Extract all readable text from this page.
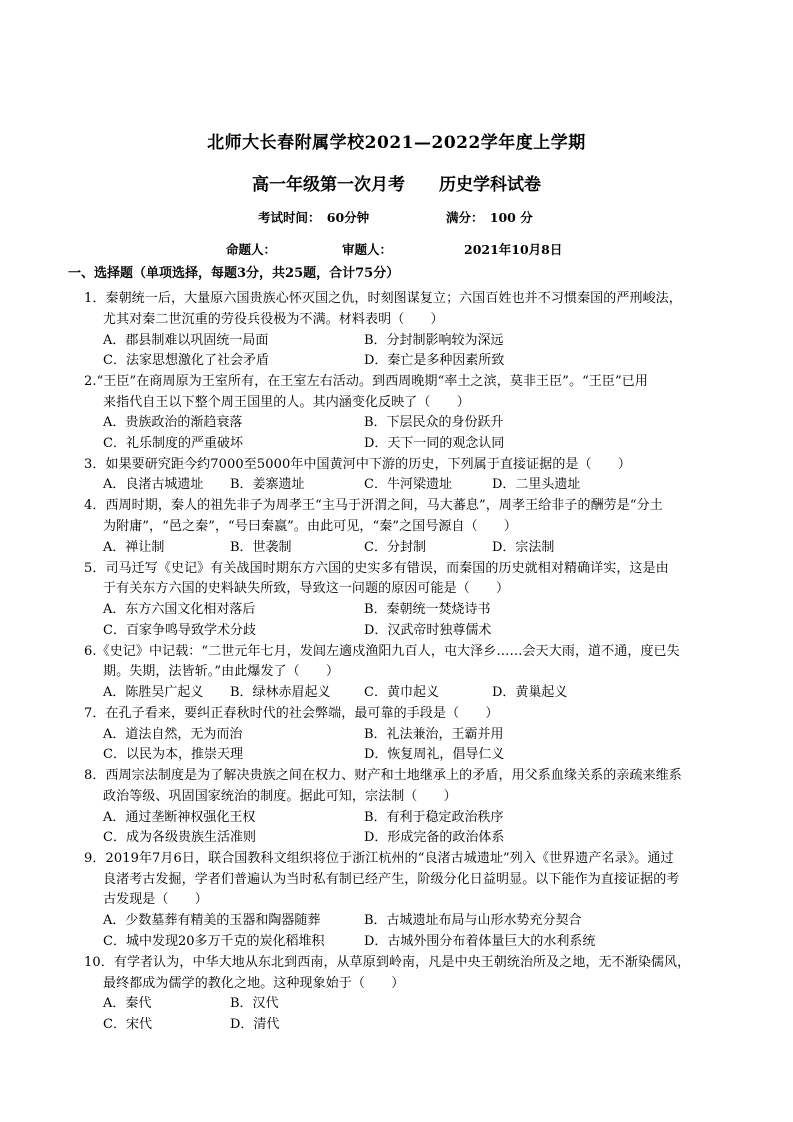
北师大长春附属学校2021—2022学年度上学期
高一年级第一次月考　　历史学科试卷
考试时间：　60分钟	满分：　100 分
命题人：	审题人：	2021年10月8日
一、选择题（单项选择，每题3分，共25题，合计75分）
1．秦朝统一后，大量原六国贵族心怀灭国之仇，时刻图谋复立；六国百姓也并不习惯秦国的严刑峻法，
尤其对秦二世沉重的劳役兵役极为不满。材料表明（　　）
A．郡县制难以巩固统一局面	B．分封制影响较为深远
C．法家思想激化了社会矛盾	D．秦亡是多种因素所致
2.“王臣”在商周原为王室所有，在王室左右活动。到西周晚期“率土之滨，莫非王臣”。“王臣”已用
来指代自王以下整个周王国里的人。其内涵变化反映了（　　）
A．贵族政治的渐趋衰落	B．下层民众的身份跃升
C．礼乐制度的严重破坏	D．天下一同的观念认同
3．如果要研究距今约7000至5000年中国黄河中下游的历史，下列属于直接证据的是（　　）
A．良渚古城遗址 B．姜寨遗址	C．牛河梁遗址	D．二里头遗址
4．西周时期，秦人的祖先非子为周孝王“主马于汧渭之间，马大蕃息”，周孝王给非子的酬劳是“分土
为附庸”，“邑之秦”，“号曰秦嬴”。由此可见，“秦”之国号源自（　　）
A．禅让制	B．世袭制	C．分封制	D．宗法制
5．司马迁写《史记》有关战国时期东方六国的史实多有错误，而秦国的历史就相对精确详实，这是由
于有关东方六国的史料缺失所致，导致这一问题的原因可能是（　　）
A．东方六国文化相对落后	B．秦朝统一焚烧诗书
C．百家争鸣导致学术分歧	D．汉武帝时独尊儒术
6.《史记》中记载：“二世元年七月，发闾左適戍渔阳九百人，屯大泽乡……会天大雨，道不通，度已失
期。失期，法皆斩。”由此爆发了（　　）
A．陈胜吴广起义 B．绿林赤眉起义	C．黄巾起义	D．黄巢起义
7．在孔子看来，要纠正春秋时代的社会弊端，最可靠的手段是（　　）
A．道法自然，无为而治	B．礼法兼治，王霸并用
C．以民为本，推崇天理	D．恢复周礼，倡导仁义
8．西周宗法制度是为了解决贵族之间在权力、财产和土地继承上的矛盾，用父系血缘关系的亲疏来维系
政治等级、巩固国家统治的制度。据此可知，宗法制（　　）
A．通过垄断神权强化王权	B．有利于稳定政治秩序
C．成为各级贵族生活准则	D．形成完备的政治体系
9．2019年7月6日，联合国教科文组织将位于浙江杭州的“良渚古城遗址”列入《世界遗产名录》。通过
良渚考古发掘，学者们普遍认为当时私有制已经产生，阶级分化日益明显。以下能作为直接证据的考
古发现是（　　）
A．少数墓葬有精美的玉器和陶器随葬	B．古城遗址布局与山形水势充分契合
C．城中发现20多万千克的炭化稻堆积	D．古城外围分布着体量巨大的水利系统
10．有学者认为，中华大地从东北到西南，从草原到岭南，凡是中央王朝统治所及之地，无不渐染儒风，
最终都成为儒学的教化之地。这种现象始于（　　）
A．秦代	B．汉代
C．宋代	D．清代
